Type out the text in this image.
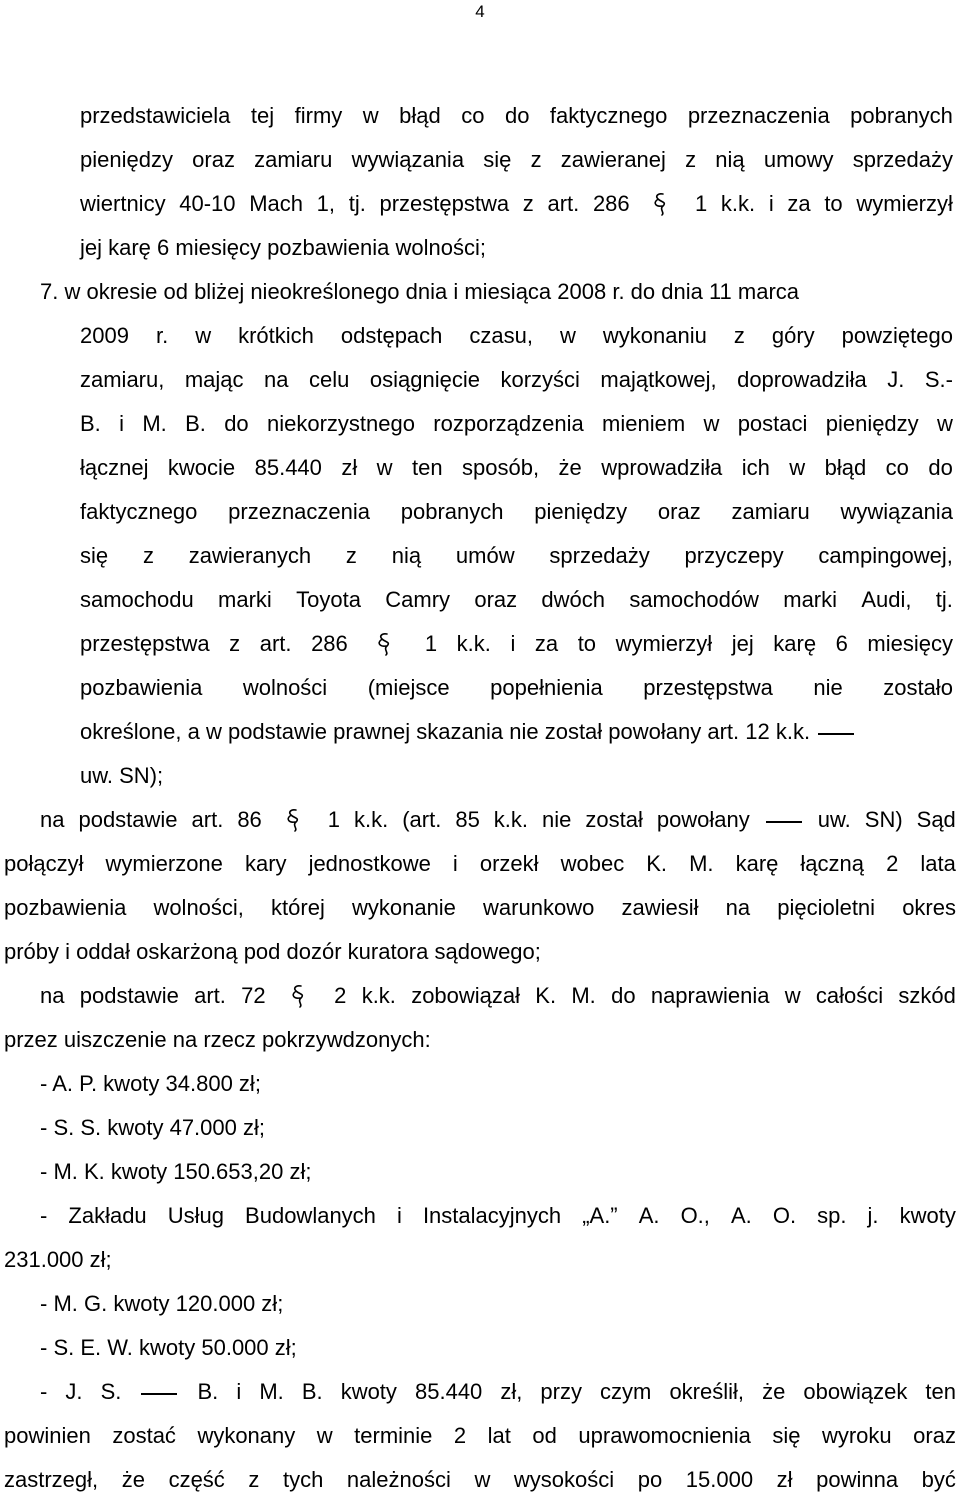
4
przedstawiciela tej firmy w błąd co do faktycznego przeznaczenia pobranych
pieniędzy oraz zamiaru wywiązania się z zawieranej z nią umowy sprzedaży
wiertnicy 40-10 Mach 1, tj. przestępstwa z art. 286	1 k.k. i za to wymierzył
jej karę 6 miesięcy pozbawienia wolności;
7. w okresie od bliżej nieokreślonego dnia i miesiąca 2008 r. do dnia 11 marca
2009 r. w krótkich odstępach czasu, w wykonaniu z góry powziętego
zamiaru, mając na celu osiągnięcie korzyści majątkowej, doprowadziła J. S.-
B. i M. B. do niekorzystnego rozporządzenia mieniem w postaci pieniędzy w
łącznej kwocie 85.440 zł w ten sposób, że wprowadziła ich w błąd co do
faktycznego przeznaczenia pobranych pieniędzy oraz zamiaru wywiązania
się z zawieranych z nią umów sprzedaży przyczepy campingowej,
samochodu marki Toyota Camry oraz dwóch samochodów marki Audi, tj.
przestępstwa z art. 286	1 k.k. i za to wymierzył jej karę 6 miesięcy
pozbawienia wolności (miejsce popełnienia przestępstwa nie zostało
określone, a w podstawie prawnej skazania nie został powołany art. 12 k.k.
uw. SN);
na podstawie art. 86	1 k.k. (art. 85 k.k. nie został powołany	uw. SN) Sąd
połączył wymierzone kary jednostkowe i orzekł wobec K. M. karę łączną 2 lata
pozbawienia wolności, której wykonanie warunkowo zawiesił na pięcioletni okres
próby i oddał oskarżoną pod dozór kuratora sądowego;
na podstawie art. 72	2 k.k. zobowiązał K. M. do naprawienia w całości szkód
przez uiszczenie na rzecz pokrzywdzonych:
- A. P. kwoty 34.800 zł;
- S. S. kwoty 47.000 zł;
- M. K. kwoty 150.653,20 zł;
- Zakładu Usług Budowlanych i Instalacyjnych „A.” A. O., A. O. sp. j. kwoty
231.000 zł;
- M. G. kwoty 120.000 zł;
- S. E. W. kwoty 50.000 zł;
- J. S.	B. i M. B. kwoty 85.440 zł, przy czym określił, że obowiązek ten
powinien zostać wykonany w terminie 2 lat od uprawomocnienia się wyroku oraz
zastrzegł, że część z tych należności w wysokości po 15.000 zł powinna być
